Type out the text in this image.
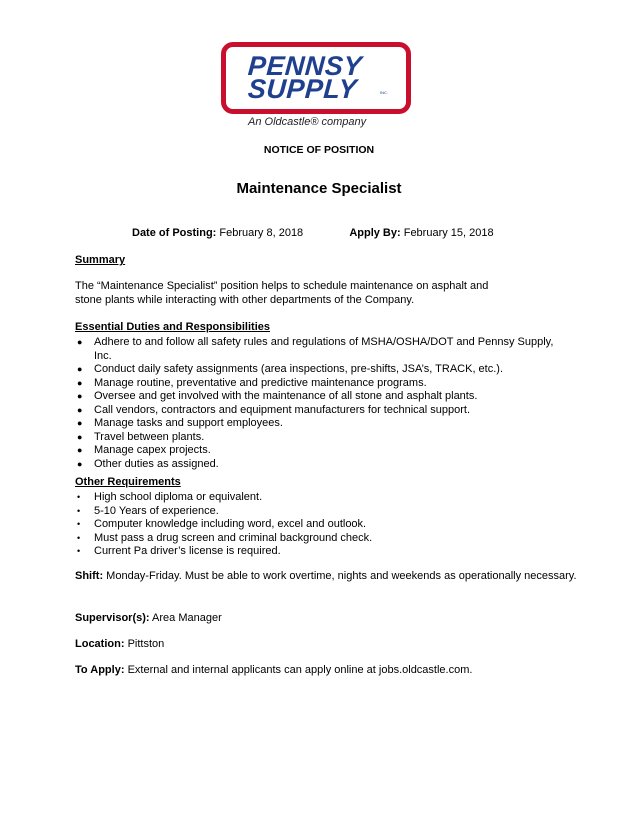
PENNSY
SUPPLY	INC.
An Oldcastle® company
NOTICE OF POSITION
Maintenance Specialist
Date of Posting: February 8, 2018	Apply By: February 15, 2018
Summary

The “Maintenance Specialist” position helps to schedule maintenance on asphalt and stone plants while interacting with other departments of the Company.

Essential Duties and Responsibilities
● Adhere to and follow all safety rules and regulations of MSHA/OSHA/DOT and Pennsy Supply, Inc.
● Conduct daily safety assignments (area inspections, pre-shifts, JSA’s, TRACK, etc.).
● Manage routine, preventative and predictive maintenance programs.
● Oversee and get involved with the maintenance of all stone and asphalt plants.
● Call vendors, contractors and equipment manufacturers for technical support.
● Manage tasks and support employees.
● Travel between plants.
● Manage capex projects.
● Other duties as assigned.
Other Requirements
• High school diploma or equivalent.
• 5-10 Years of experience.
• Computer knowledge including word, excel and outlook.
• Must pass a drug screen and criminal background check.
• Current Pa driver’s license is required.
Shift: Monday-Friday. Must be able to work overtime, nights and weekends as operationally necessary.
Supervisor(s): Area Manager
Location: Pittston
To Apply: External and internal applicants can apply online at jobs.oldcastle.com.
